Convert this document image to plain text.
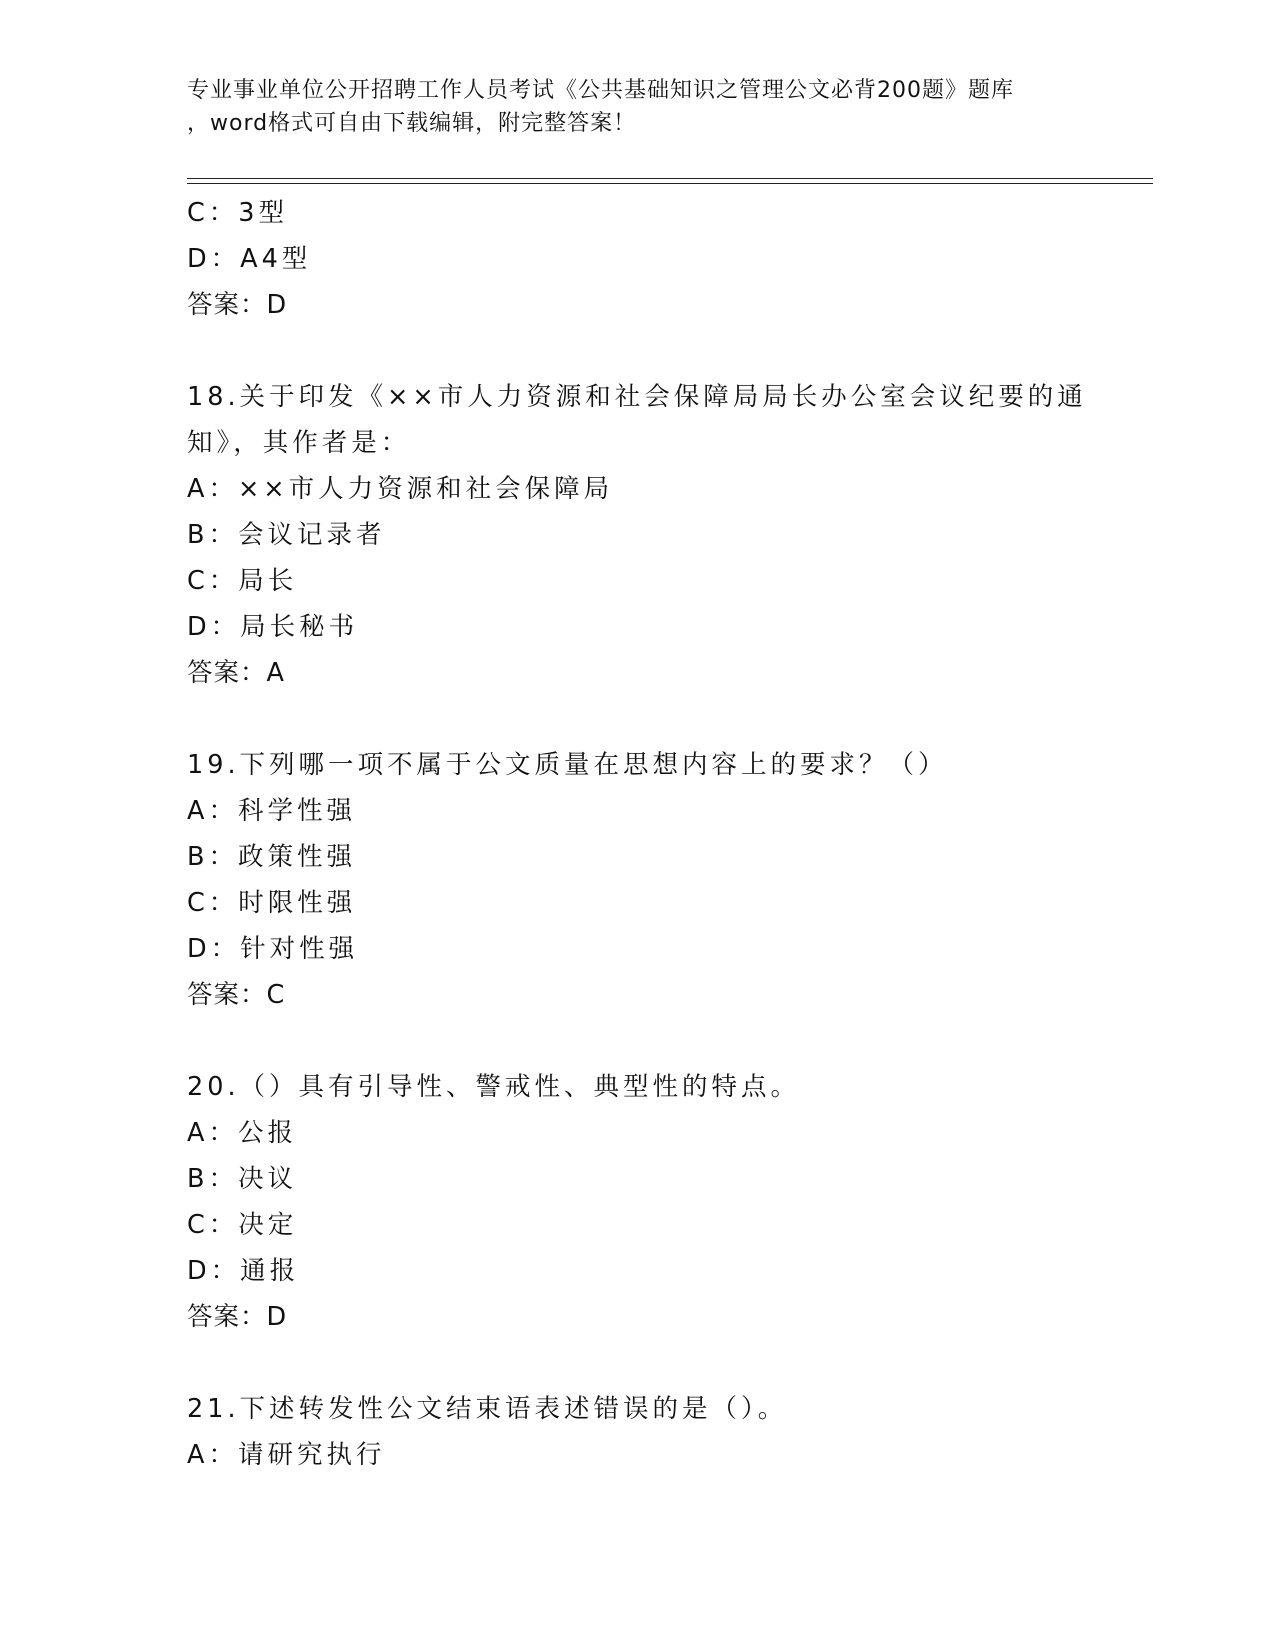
专业事业单位公开招聘工作人员考试《公共基础知识之管理公文必背200题》题库
，word格式可自由下载编辑，附完整答案！
C：3型
D：A4型
答案：D
18.关于印发《××市人力资源和社会保障局局长办公室会议纪要的通
知》，其作者是：
A：××市人力资源和社会保障局
B：会议记录者
C：局长
D：局长秘书
答案：A
19.下列哪一项不属于公文质量在思想内容上的要求？（）
A：科学性强
B：政策性强
C：时限性强
D：针对性强
答案：C
20.（）具有引导性、警戒性、典型性的特点。
A：公报
B：决议
C：决定
D：通报
答案：D
21.下述转发性公文结束语表述错误的是（）。
A：请研究执行
